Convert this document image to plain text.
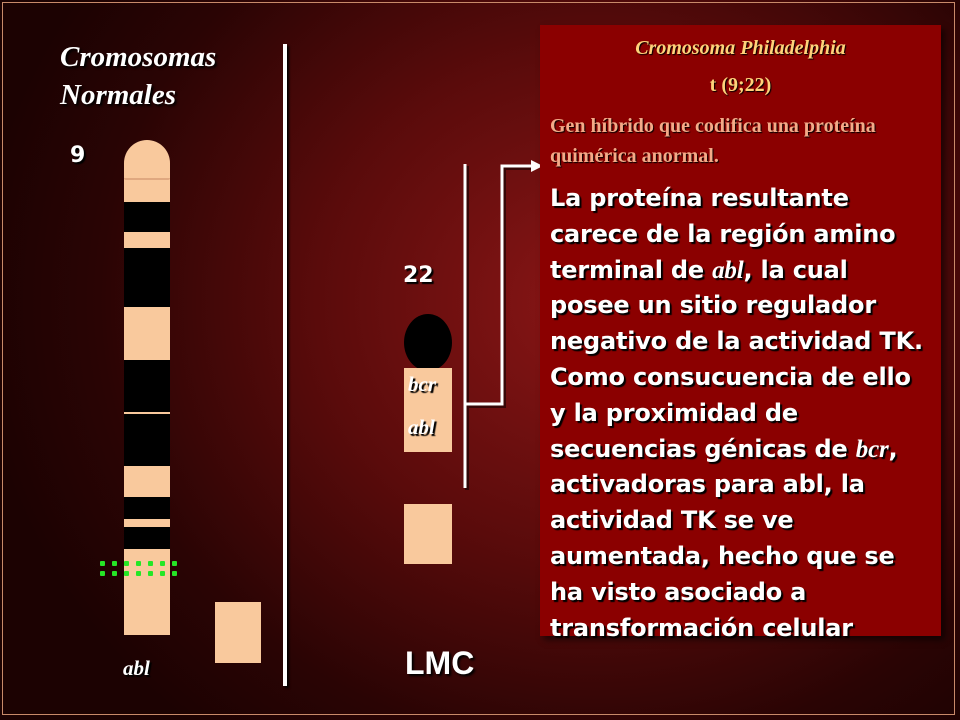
Cromosomas
Normales
9
abl
22
bcr
abl
LMC
Cromosoma Philadelphia
t (9;22)
Gen híbrido que codifica una proteína quimérica anormal.
La proteína resultante carece de la región amino terminal de abl, la cual posee un sitio regulador negativo de la actividad TK. Como consucuencia de ello y la proximidad de secuencias génicas de bcr, activadoras para abl, la actividad TK se ve aumentada, hecho que se ha visto asociado a transformación celular
